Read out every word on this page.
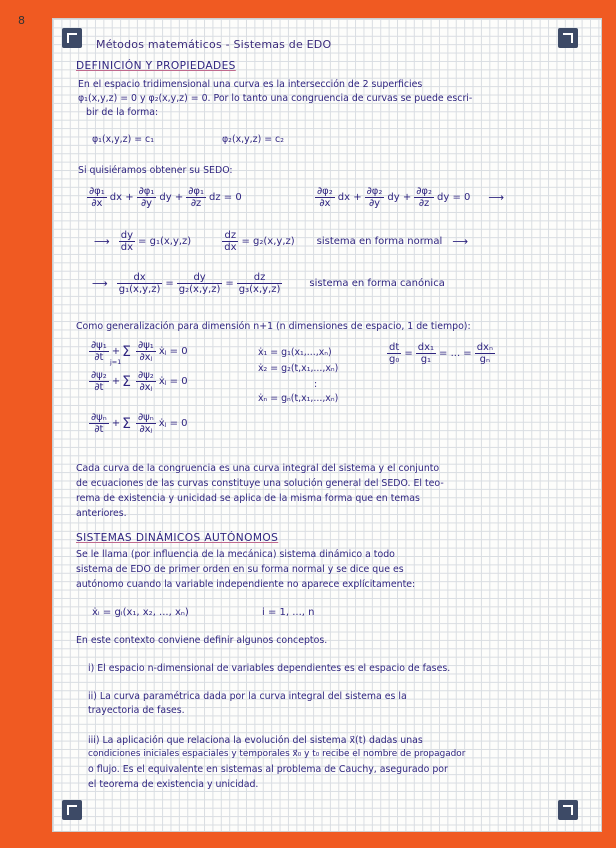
8
Métodos matemáticos - Sistemas de EDO
DEFINICIÓN Y PROPIEDADES
En el espacio tridimensional una curva es la intersección de 2 superficies
φ₁(x,y,z) = 0 y φ₂(x,y,z) = 0. Por lo tanto una congruencia de curvas se puede escri-
bir de la forma:
φ₁(x,y,z) = c₁	φ₂(x,y,z) = c₂
Si quisiéramos obtener su SEDO:
$\frac{\text{∂φ₁}}{\partial x}$ dx + $\frac{\text{∂φ₁}}{\partial y}$ dy + $\frac{\text{∂φ₁}}{\partial z}$ dz = 0	$\frac{\text{∂φ₂}}{\partial x}$ dx + $\frac{\text{∂φ₂}}{\partial y}$ dy + $\frac{\text{∂φ₂}}{\partial z}$ dy = 0 ⟶
⟶ $\frac{dy}{dx} = g_1(x,y,z)$	$\frac{dz}{dx} = g_2(x,y,z)$ sistema en forma normal ⟶
⟶ $\frac{dx}{\text{g₁(x,y,z)}} = \frac{dy}{\text{g₂(x,y,z)}} = \frac{dz}{\text{g₃(x,y,z)}}$	sistema en forma canónica
Como generalización para dimensión n+1 (n dimensiones de espacio, 1 de tiempo):
$\frac{\text{∂ψ₁}}{\partial t} + \Sigma \frac{\text{∂ψ₁}}{\text{∂xⱼ}}$ ẋⱼ = 0
$\frac{\text{∂ψ₂}}{\partial t} + \Sigma \frac{\text{∂ψ₂}}{\text{∂xⱼ}}$ ẋⱼ = 0
$\frac{\text{∂ψₙ}}{\partial t} + \Sigma \frac{\text{∂ψₙ}}{\text{∂xⱼ}}$ ẋⱼ = 0
j=1
ẋ₁ = g₁(x₁,...,xₙ)
ẋ₂ = g₂(t,x₁,...,xₙ)
:
ẋₙ = gₙ(t,x₁,...,xₙ)
$\frac{dt}{\text{g₀}} = \frac{\text{dx₁}}{\text{g₁}}$ = ... = $\frac{\text{dxₙ}}{\text{gₙ}}$
Cada curva de la congruencia es una curva integral del sistema y el conjunto
de ecuaciones de las curvas constituye una solución general del SEDO. El teo-
rema de existencia y unicidad se aplica de la misma forma que en temas
anteriores.
SISTEMAS DINÁMICOS AUTÓNOMOS
Se le llama (por influencia de la mecánica) sistema dinámico a todo
sistema de EDO de primer orden en su forma normal y se dice que es
autónomo cuando la variable independiente no aparece explícitamente:
ẋᵢ = gᵢ(x₁, x₂, ..., xₙ)	i = 1, ..., n
En este contexto conviene definir algunos conceptos.
i) El espacio n-dimensional de variables dependientes es el espacio de fases.
ii) La curva paramétrica dada por la curva integral del sistema es la
trayectoria de fases.
iii) La aplicación que relaciona la evolución del sistema x⃗(t) dadas unas
condiciones iniciales espaciales y temporales x⃗₀ y t₀ recibe el nombre de propagador
o flujo. Es el equivalente en sistemas al problema de Cauchy, asegurado por
el teorema de existencia y unicidad.
